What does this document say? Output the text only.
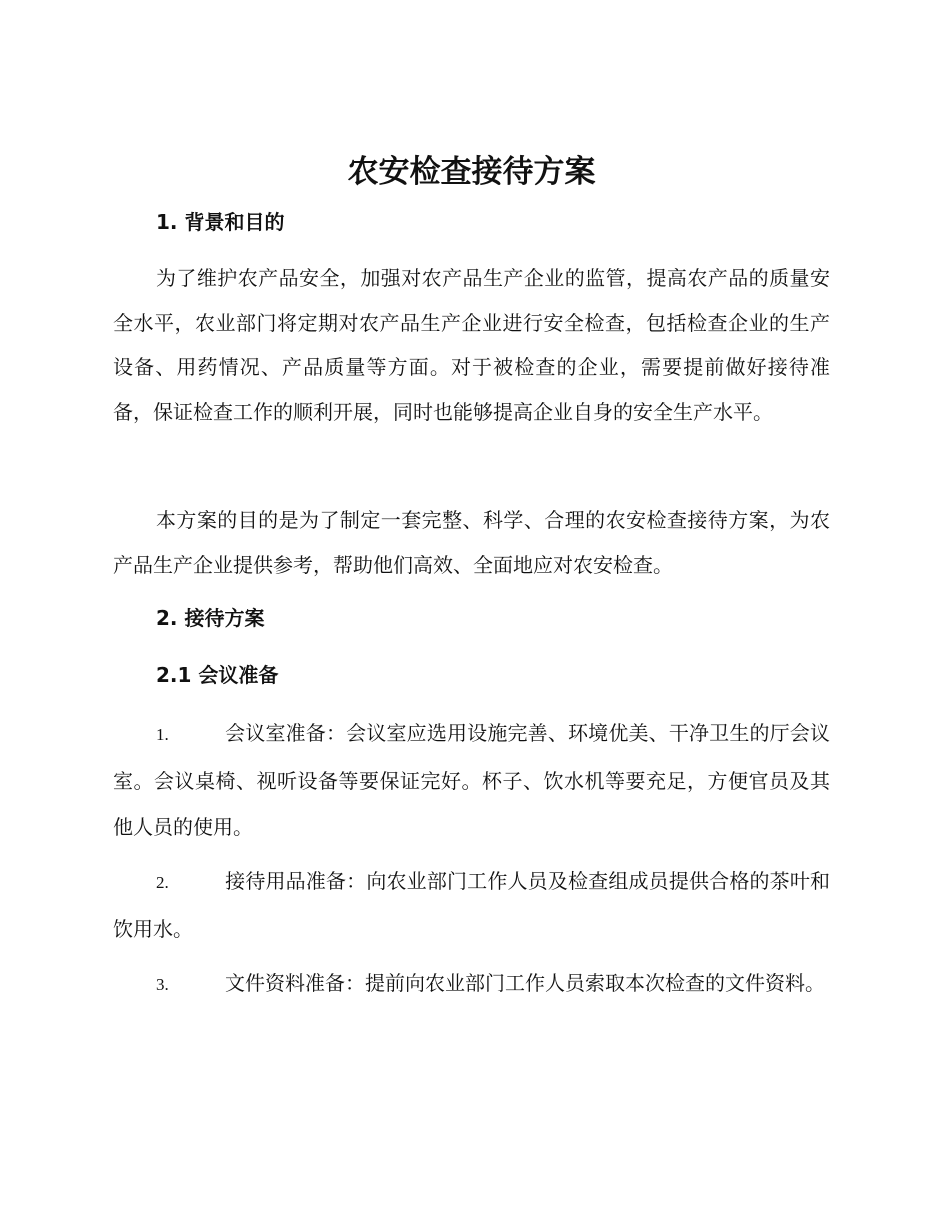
农安检查接待方案
1. 背景和目的

为了维护农产品安全，加强对农产品生产企业的监管，提高农产品的质量安全水平，农业部门将定期对农产品生产企业进行安全检查，包括检查企业的生产设备、用药情况、产品质量等方面。对于被检查的企业，需要提前做好接待准备，保证检查工作的顺利开展，同时也能够提高企业自身的安全生产水平。

本方案的目的是为了制定一套完整、科学、合理的农安检查接待方案，为农产品生产企业提供参考，帮助他们高效、全面地应对农安检查。

2. 接待方案
2.1 会议准备

1.	会议室准备：会议室应选用设施完善、环境优美、干净卫生的厅会议室。会议桌椅、视听设备等要保证完好。杯子、饮水机等要充足，方便官员及其他人员的使用。

2.	接待用品准备：向农业部门工作人员及检查组成员提供合格的茶叶和饮用水。

3.	文件资料准备：提前向农业部门工作人员索取本次检查的文件资料。
